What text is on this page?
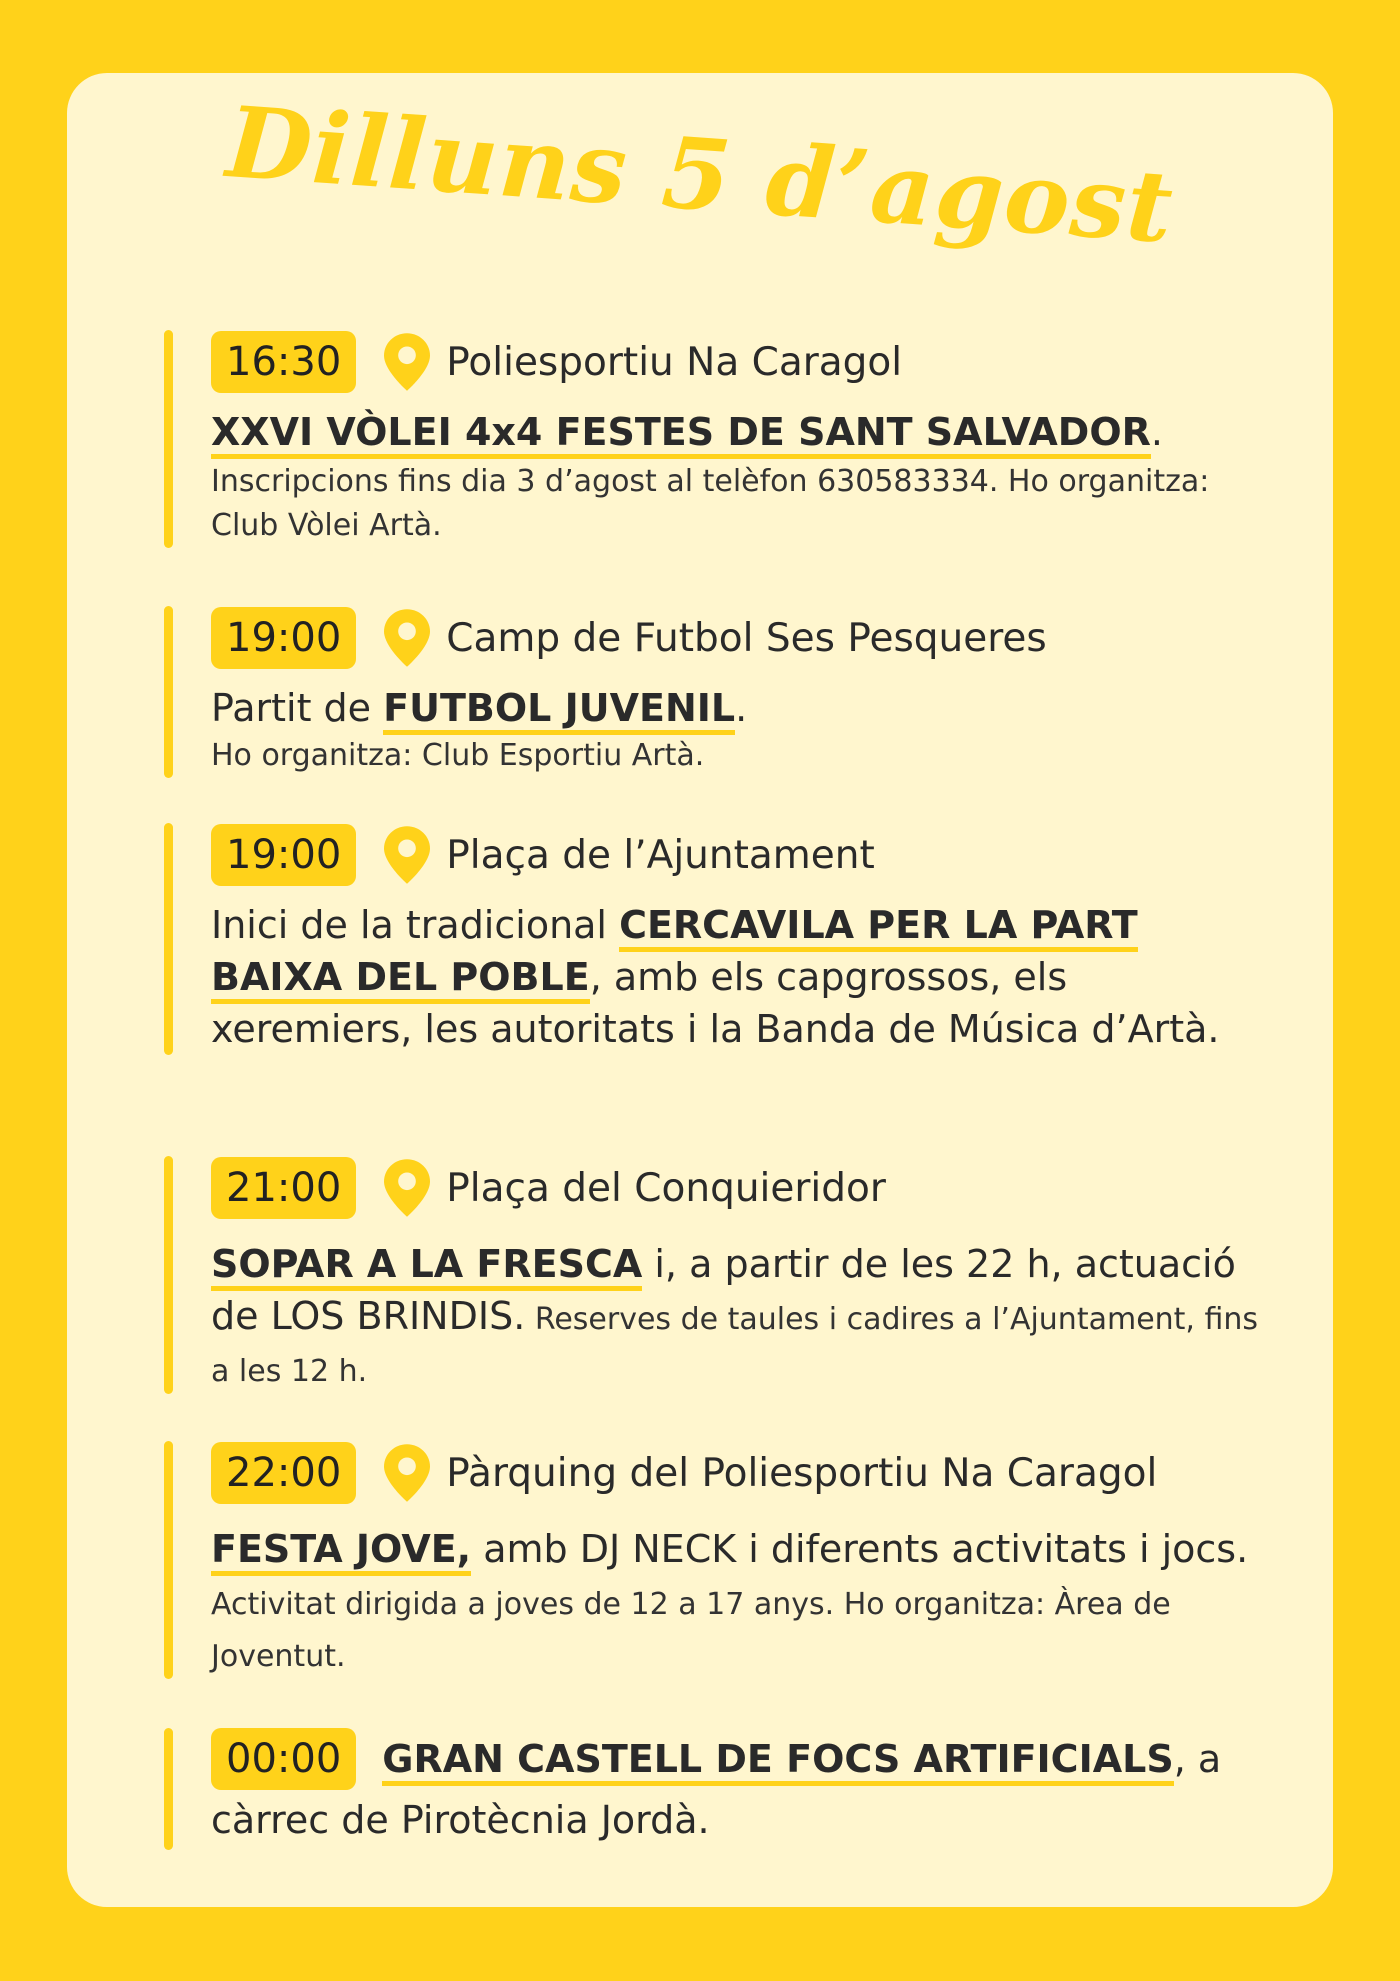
Dilluns 5 d’agost
16:30	Poliesportiu Na Caragol
XXVI VÒLEI 4x4 FESTES DE SANT SALVADOR.
Inscripcions fins dia 3 d’agost al telèfon 630583334. Ho organitza: Club Vòlei Artà.
19:00	Camp de Futbol Ses Pesqueres
Partit de FUTBOL JUVENIL.
Ho organitza: Club Esportiu Artà.
19:00	Plaça de l’Ajuntament
Inici de la tradicional CERCAVILA PER LA PART BAIXA DEL POBLE, amb els capgrossos, els xeremiers, les autoritats i la Banda de Música d’Artà.
21:00	Plaça del Conquieridor
SOPAR A LA FRESCA i, a partir de les 22 h, actuació de LOS BRINDIS. Reserves de taules i cadires a l’Ajuntament, fins a les 12 h.
22:00	Pàrquing del Poliesportiu Na Caragol
FESTA JOVE, amb DJ NECK i diferents activitats i jocs. Activitat dirigida a joves de 12 a 17 anys. Ho organitza: Àrea de Joventut.
00:00 GRAN CASTELL DE FOCS ARTIFICIALS, a càrrec de Pirotècnia Jordà.
